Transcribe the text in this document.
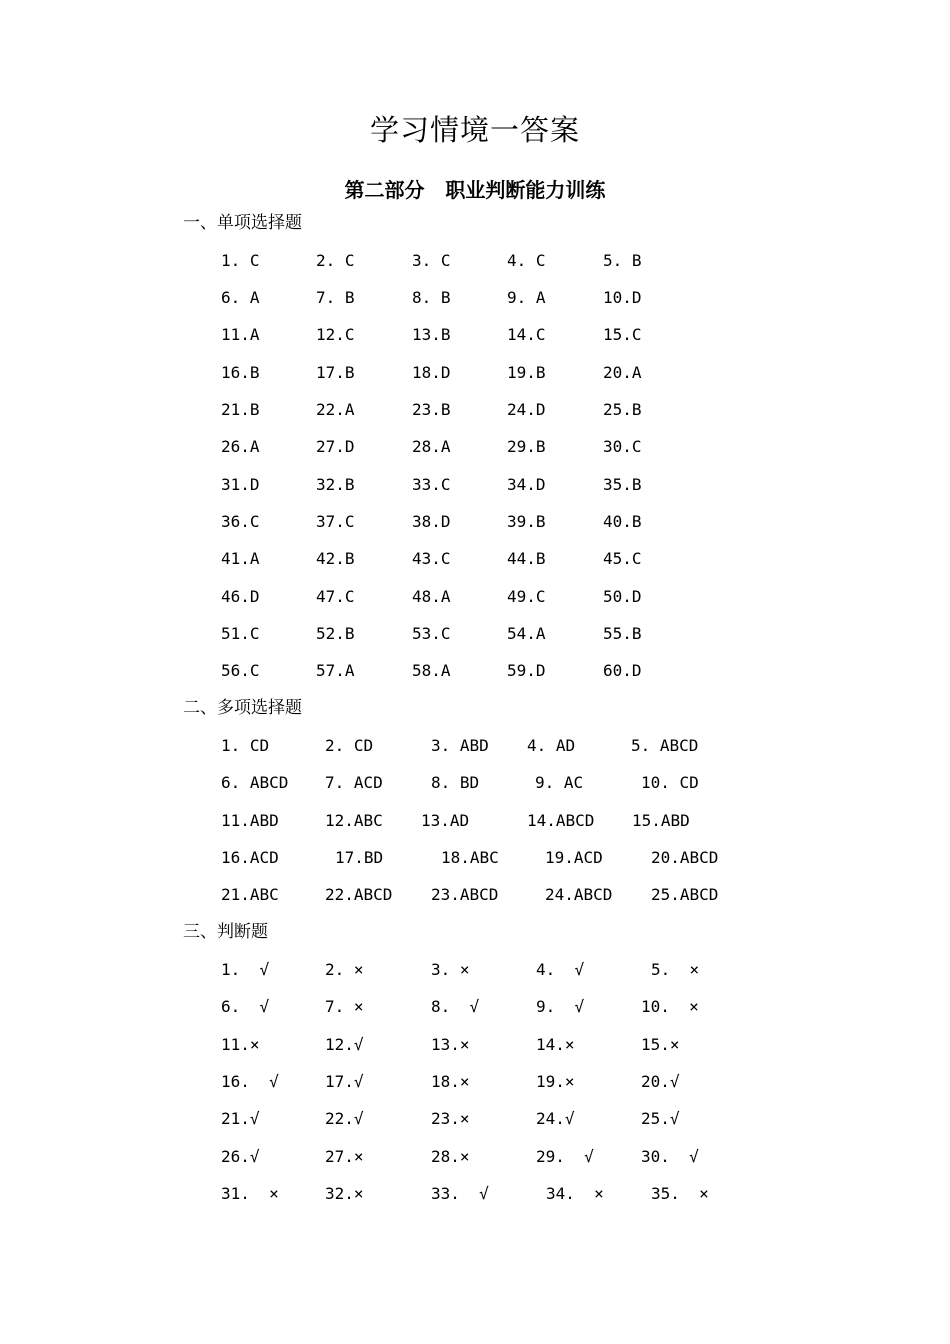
学习情境一答案
第二部分   职业判断能力训练
一、单项选择题
1. C	2. C	3. C	4. C	5. B
6. A	7. B	8. B	9. A	10.D
11.A	12.C	13.B	14.C	15.C
16.B	17.B	18.D	19.B	20.A
21.B	22.A	23.B	24.D	25.B
26.A	27.D	28.A	29.B	30.C
31.D	32.B	33.C	34.D	35.B
36.C	37.C	38.D	39.B	40.B
41.A	42.B	43.C	44.B	45.C
46.D	47.C	48.A	49.C	50.D
51.C	52.B	53.C	54.A	55.B
56.C	57.A	58.A	59.D	60.D
二、多项选择题
1. CD	2. CD	3. ABD 4. AD	5. ABCD
6. ABCD 7. ACD	8. BD	9. AC	10. CD
11.ABD	12.ABC 13.AD	14.ABCD 15.ABD
16.ACD	17.BD	18.ABC	19.ACD	20.ABCD
21.ABC	22.ABCD 23.ABCD	24.ABCD 25.ABCD
三、判断题
1.  √	2. ×	3. ×	4.  √	5.  ×
6.  √	7. ×	8.  √	9.  √	10.  ×
11.×	12.√	13.×	14.×	15.×
16.  √	17.√	18.×	19.×	20.√
21.√	22.√	23.×	24.√	25.√
26.√	27.×	28.×	29.  √	30.  √
31.  ×	32.×	33.  √	34.  ×	35.  ×
